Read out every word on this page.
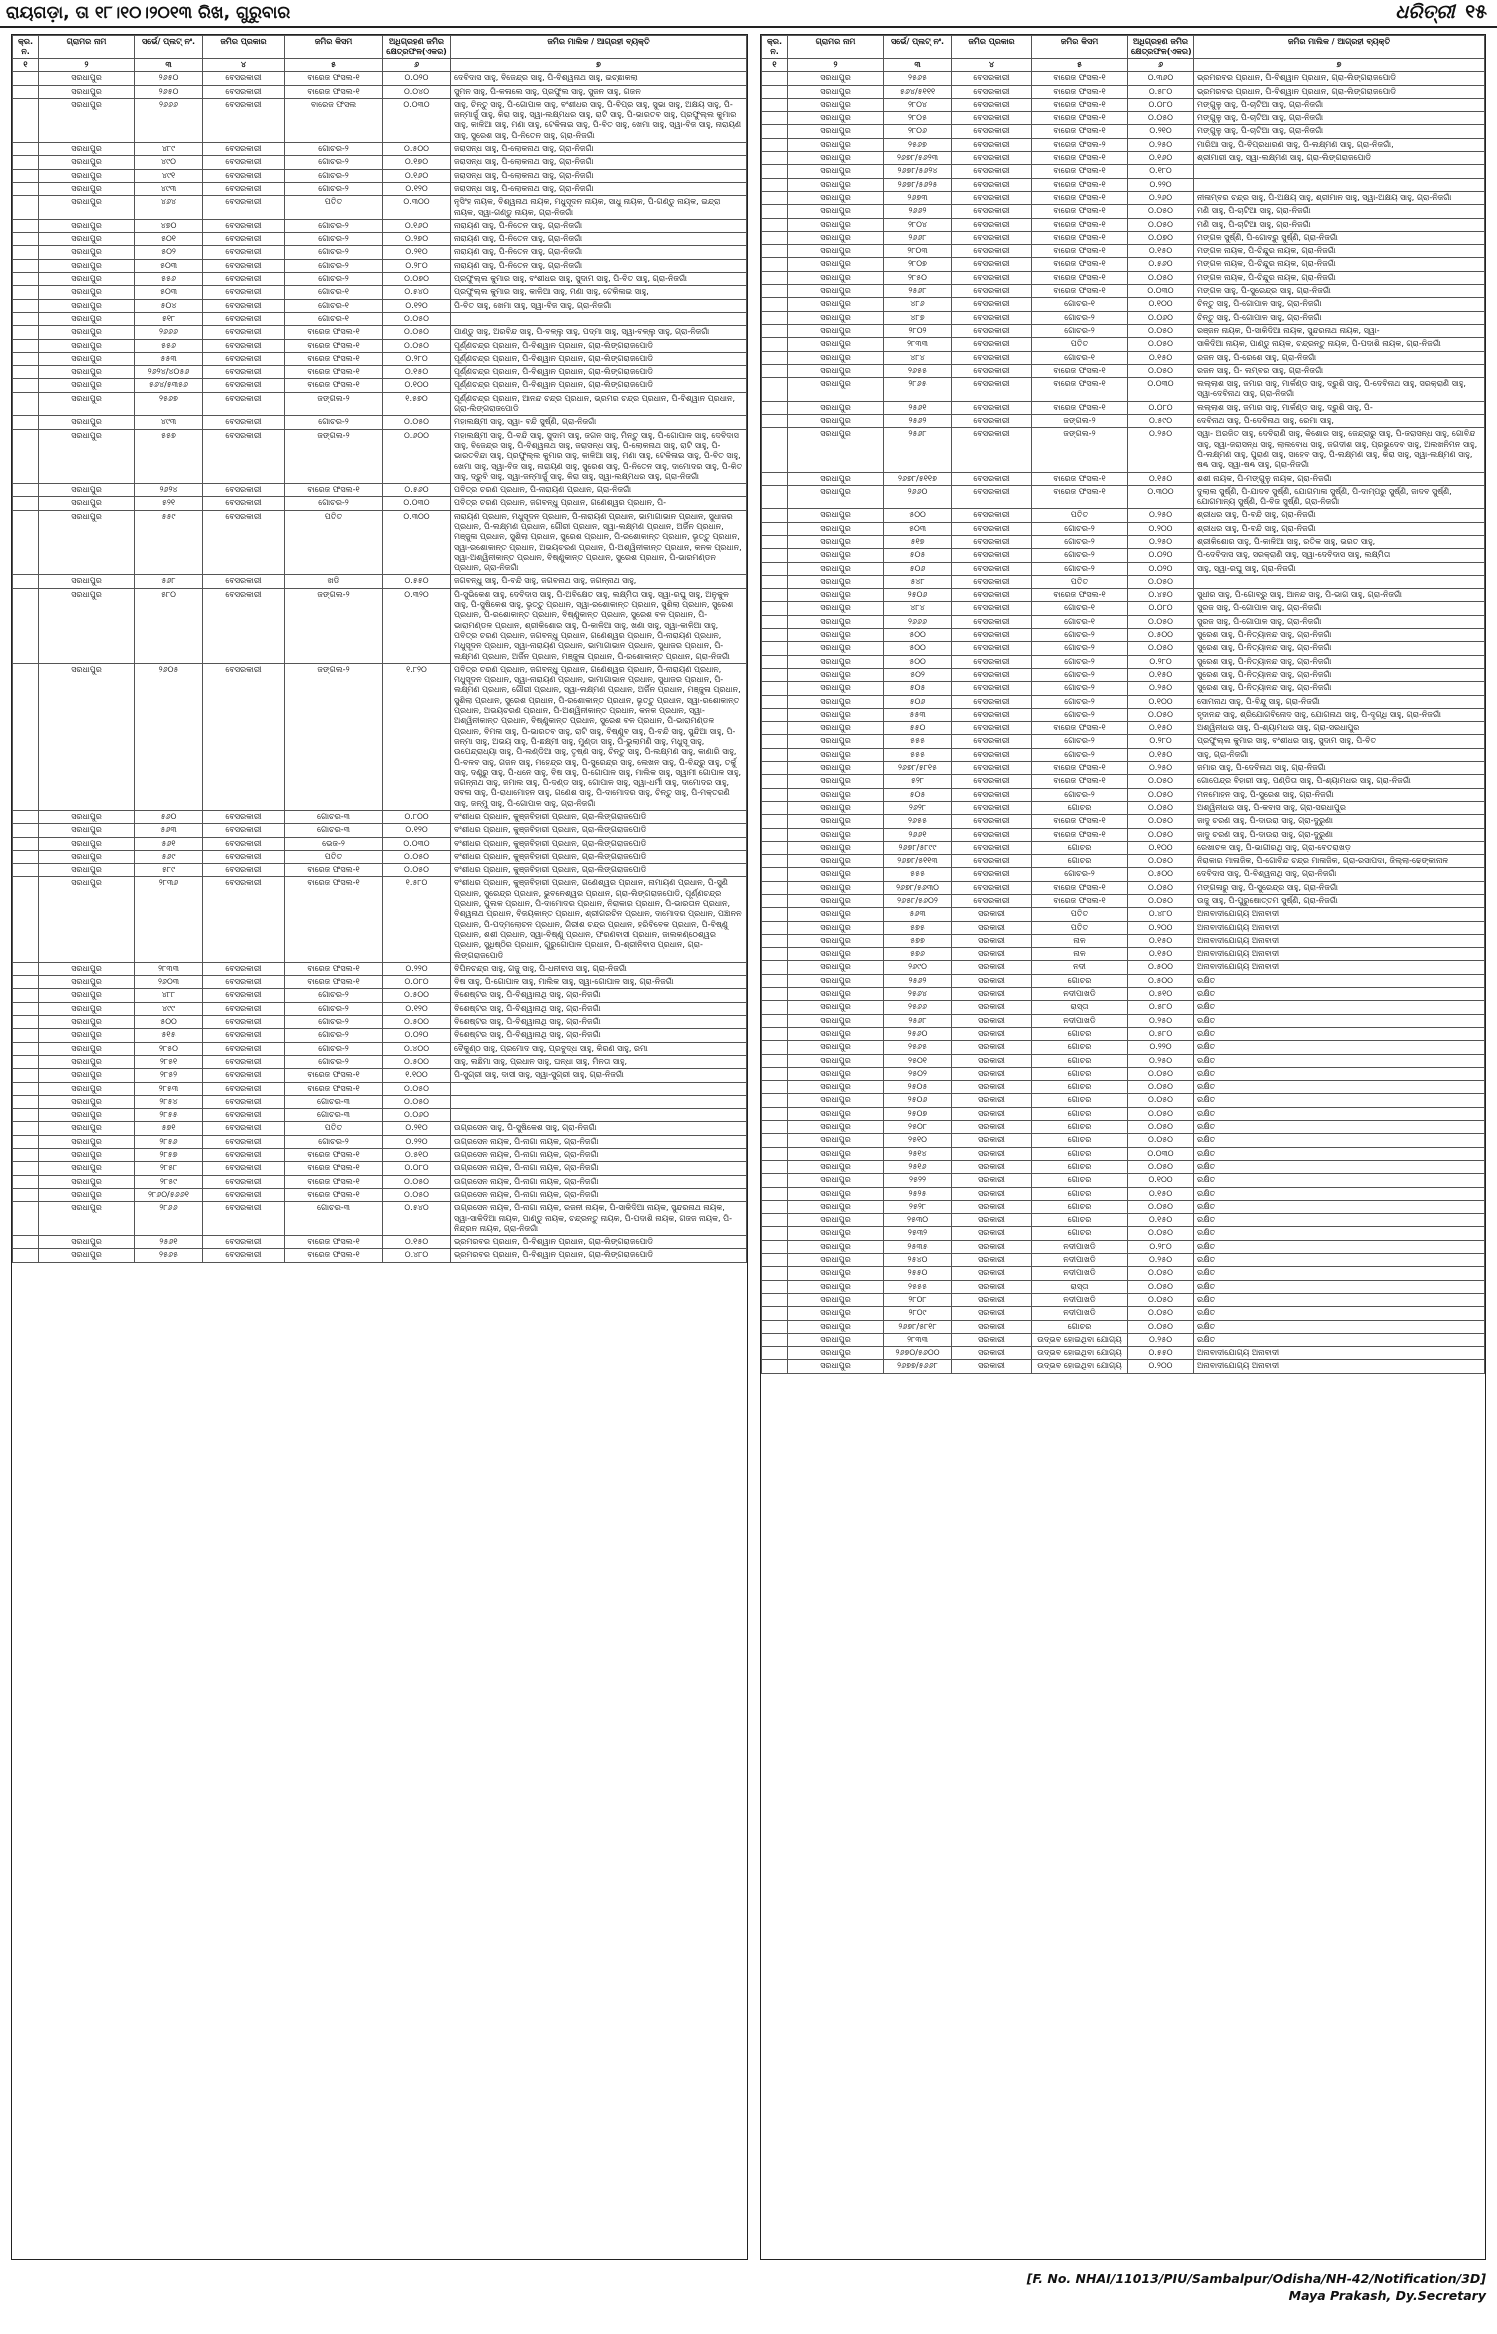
ରାୟଗଡ଼ା, ତା ୧୮।୧୦।୨୦୧୩ ରିଖ, ଗୁରୁବାର	ଧରିତ୍ରୀ ୧୫
କ୍ର. ନ.	ଗ୍ରାମର ନାମ	ସର୍ଭେ/ ପ୍ଲଟ୍ ନଂ.	ଜମିର ପ୍ରକାର	ଜମିର କିସମ	ଅଧିଗ୍ରହଣ ଜମିର କ୍ଷେତ୍ରଫଳ(ଏକର)	ଜମିର ମାଲିକ / ଆଗ୍ରହୀ ବ୍ୟକ୍ତି
୧	୨	୩	୪	୫	୬	୭
	ସରଧାପୁର	୨୬୫୦	ବେସରକାରୀ	ବାରେଜ ଫସଲ-୧	୦.୦୨୦	ଦେବିଦାସ ସାହୁ, ବିଜେନ୍ଦ୍ର ସାହୁ, ପି-ବିଶ୍ୱନାଥ ସାହୁ, ଇଚ୍ଛାକଲା
	ସରଧାପୁର	୨୬୫୦	ବେସରକାରୀ	ବାରେଜ ଫସଲ-୧	୦.୦୪୦	ସୁମନ ସାହୁ, ପି-କଳାଲେ ସାହୁ, ପ୍ରଫୁଲ ସାହୁ, ସୁଜନ ସାହୁ, ଗଜନ
	ସରଧାପୁର	୨୬୬୬	ବେସରକାରୀ	ବାରେଜ ଫସଲ	୦.୦୩୦	ସାହୁ, ଚିନ୍ତୁ ସାହୁ, ପି-ଗୋପାଳ ସାହୁ, ବଂଶୀଧର ସାହୁ, ପି-ବିପ୍ର ସାହୁ, ସୁଭା ସାହୁ, ଅକ୍ଷୟ ସାହୁ, ପି-ଜନ୍ମାର୍ଜୁ ସାହୁ, କିରା ସାହୁ, ସ୍ୱା-ଲକ୍ଷ୍ମଧର ସାହୁ, ରାଟି ସାହୁ, ପି-ଭାରତବ ସାହୁ, ପ୍ରଫୁଲ୍ଲ କୁମାର ସାହୁ, କାଳିଆ ସାହୁ, ମଣା ସାହୁ, ଟେକିଳାଇ ସାହୁ, ପି-ବିତ ସାହୁ, ଖେମା ସାହୁ, ସ୍ୱା-ବିଜ ସାହୁ, ନାରାୟଣ ସାହୁ, ସୁରେଶ ସାହୁ, ପି-ନିତେନ ସାହୁ, ଗ୍ରା-ନିଜଗାଁ
	ସରଧାପୁର	୪୮୯	ବେସରକାରୀ	ଗୋଚର-୨	୦.୫୦୦	ଜରାସନ୍ଧ ସାହୁ, ପି-ଲୋକନାଥ ସାହୁ, ଗ୍ରା-ନିଜଗାଁ
	ସରଧାପୁର	୪୯୦	ବେସରକାରୀ	ଗୋଚର-୨	୦.୧୭୦	ଜରାସନ୍ଧ ସାହୁ, ପି-ଲୋକନାଥ ସାହୁ, ଗ୍ରା-ନିଜଗାଁ
	ସରଧାପୁର	୪୯୧	ବେସରକାରୀ	ଗୋଚର-୨	୦.୧୬୦	ଜରାସନ୍ଧ ସାହୁ, ପି-ଲୋକନାଥ ସାହୁ, ଗ୍ରା-ନିଜଗାଁ
	ସରଧାପୁର	୪୯୩	ବେସରକାରୀ	ଗୋଚର-୨	୦.୧୨୦	ଜରାସନ୍ଧ ସାହୁ, ପି-ଲୋକନାଥ ସାହୁ, ଗ୍ରା-ନିଜଗାଁ
	ସରଧାପୁର	୪୬୪	ବେସରକାରୀ	ପତିତ	୦.୩୦୦	ନୃସିଂହ ନାୟକ, ବିଶ୍ୱନାଥ ନାୟକ, ମଧୁସୂଦନ ନାୟକ, ସାଧୁ ନାୟକ, ପି-ଗଣ୍ଡୁ ନାୟକ, ଇନ୍ଦ୍ରା ନାୟକ, ସ୍ୱା-ଗଣ୍ଡୁ ନାୟକ, ଗ୍ରା-ନିଜଗାଁ
	ସରଧାପୁର	୪୭୦	ବେସରକାରୀ	ଗୋଚର-୨	୦.୧୬୦	ନାରାୟଣ ସାହୁ, ପି-ନିତେନ ସାହୁ, ଗ୍ରା-ନିଜଗାଁ
	ସରଧାପୁର	୫୦୧	ବେସରକାରୀ	ଗୋଚର-୨	୦.୨୭୦	ନାରାୟଣ ସାହୁ, ପି-ନିତେନ ସାହୁ, ଗ୍ରା-ନିଜଗାଁ
	ସରଧାପୁର	୫୦୨	ବେସରକାରୀ	ଗୋଚର-୨	୦.୨୧୦	ନାରାୟଣ ସାହୁ, ପି-ନିତେନ ସାହୁ, ଗ୍ରା-ନିଜଗାଁ
	ସରଧାପୁର	୫୦୩	ବେସରକାରୀ	ଗୋଚର-୨	୦.୨୮୦	ନାରାୟଣ ସାହୁ, ପି-ନିତେନ ସାହୁ, ଗ୍ରା-ନିଜଗାଁ
	ସରଧାପୁର	୫୫୬	ବେସରକାରୀ	ଗୋଚର-୨	୦.୦୭୦	ପ୍ରଫୁଲ୍ଲ କୁମାର ସାହୁ, ବଂଶୀଧର ସାହୁ, ସୁଦାମ ସାହୁ, ପି-ବିତ ସାହୁ, ଗ୍ରା-ନିଜଗାଁ
	ସରଧାପୁର	୫୦୩	ବେସରକାରୀ	ଗୋଚର-୧	୦.୫୪୦	ପ୍ରଫୁଲ୍ଲ କୁମାର ସାହୁ, କାଳିଆ ସାହୁ, ମଣା ସାହୁ, ଟେକିଳାଇ ସାହୁ,
	ସରଧାପୁର	୫୦୪	ବେସରକାରୀ	ଗୋଚର-୧	୦.୧୨୦	ପି-ବିତ ସାହୁ, ଖେମା ସାହୁ, ସ୍ୱା-ବିଜ ସାହୁ, ଗ୍ରା-ନିଜଗାଁ
	ସରଧାପୁର	୫୧୮	ବେସରକାରୀ	ଗୋଚର-୧	୦.୦୫୦	
	ସରଧାପୁର	୨୬୬୬	ବେସରକାରୀ	ବାରେଜ ଫସଲ-୧	୦.୦୫୦	ପାଣ୍ଡୁ ସାହୁ, ଅରବିନ୍ଦ ସାହୁ, ପି-ବଳ୍ଲୁ ସାହୁ, ପଦ୍ମା ସାହୁ, ସ୍ୱା-ବଳ୍ଲୁ ସାହୁ, ଗ୍ରା-ନିଜଗାଁ
	ସରଧାପୁର	୫୫୬	ବେସରକାରୀ	ବାରେଜ ଫସଲ-୧	୦.୦୫୦	ପୂର୍ଣ୍ଣଚନ୍ଦ୍ର ପ୍ରଧାନ, ପି-ବିଶ୍ୱାନ ପ୍ରଧାନ, ଗ୍ରା-ଲିଙ୍ଗରାଜପୋଡି
	ସରଧାପୁର	୫୫୩	ବେସରକାରୀ	ବାରେଜ ଫସଲ-୧	୦.୨୮୦	ପୂର୍ଣ୍ଣଚନ୍ଦ୍ର ପ୍ରଧାନ, ପି-ବିଶ୍ୱାନ ପ୍ରଧାନ, ଗ୍ରା-ଲିଙ୍ଗରାଜପୋଡି
	ସରଧାପୁର	୨୬୨୪/୪୦୫୬	ବେସରକାରୀ	ବାରେଜ ଫସଲ-୧	୦.୧୫୦	ପୂର୍ଣ୍ଣଚନ୍ଦ୍ର ପ୍ରଧାନ, ପି-ବିଶ୍ୱାନ ପ୍ରଧାନ, ଗ୍ରା-ଲିଙ୍ଗରାଜପୋଡି
	ସରଧାପୁର	୫୬୪/୫୩୫୬	ବେସରକାରୀ	ବାରେଜ ଫସଲ-୧	୦.୧୦୦	ପୂର୍ଣ୍ଣଚନ୍ଦ୍ର ପ୍ରଧାନ, ପି-ବିଶ୍ୱାନ ପ୍ରଧାନ, ଗ୍ରା-ଲିଙ୍ଗରାଜପୋଡି
	ସରଧାପୁର	୨୫୬୭	ବେସରକାରୀ	ଜଙ୍ଗଲ-୨	୧.୫୭୦	ପୂର୍ଣ୍ଣଚନ୍ଦ୍ର ପ୍ରଧାନ, ଆନନ୍ଦ ଚନ୍ଦ୍ର ପ୍ରଧାନ, ଭ୍ରମର ଚନ୍ଦ୍ର ପ୍ରଧାନ, ପି-ବିଶ୍ୱାନ ପ୍ରଧାନ, ଗ୍ରା-ଲିଙ୍ଗରାଜପୋଡି
	ସରଧାପୁର	୪୯୩	ବେସରକାରୀ	ଗୋଚର-୨	୦.୦୫୦	ମହାଲକ୍ଷ୍ମୀ ସାହୁ, ସ୍ୱା- ବନ୍ଦି ସୁର୍ଷ୍ଣି, ଗ୍ରା-ନିଜଗାଁ
	ସରଧାପୁର	୫୫୭	ବେସରକାରୀ	ଜଙ୍ଗଲ-୨	୦.୬୦୦	ମହାଲକ୍ଷ୍ମୀ ସାହୁ, ପି-ବନ୍ଦି ସାହୁ, ସୁଦାମ ସାହୁ, ଜଗନ ସାହୁ, ମିନ୍ତୁ ସାହୁ, ପି-ଗୋପାଳ ସାହୁ, ଦେବିଦାସ ସାହୁ, ବିଜେନ୍ଦ୍ର ସାହୁ, ପି-ବିଶ୍ୱନାଥ ସାହୁ, ଜରାସନ୍ଧ ସାହୁ, ପି-ଲୋକନାଥ ସାହୁ, ରାଟି ସାହୁ, ପି-ଭାରତବିନ୍ଦା ସାହୁ, ପ୍ରଫୁଲ୍ଲ କୁମାର ସାହୁ, କାଳିଆ ସାହୁ, ମଣା ସାହୁ, ଟେକିଳାଇ ସାହୁ, ପି-ବିତ ସାହୁ, ଖେମା ସାହୁ, ସ୍ୱା-ବିଜ ସାହୁ, ନାରାୟଣ ସାହୁ, ସୁରେଶ ସାହୁ, ପି-ନିତେନ ସାହୁ, ଦାମୋଦର ସାହୁ, ପି-କିତ ସାହୁ, ଦ୍ରୁବି ସାହୁ, ସ୍ୱା-ଜନ୍ମାର୍ଜୁ ସାହୁ, କିରା ସାହୁ, ସ୍ୱା-ଲକ୍ଷ୍ମଧର ସାହୁ, ଗ୍ରା-ନିଜଗାଁ
	ସରଧାପୁର	୨୬୨୪	ବେସରକାରୀ	ବାରେଜ ଫସଲ-୧	୦.୫୬୦	ପବିତ୍ର ଚରଣ ପ୍ରଧାନ, ପି-ନାରାୟଣ ପ୍ରଧାନ, ଗ୍ରା-ନିଜଗାଁ
	ସରଧାପୁର	୫୨୧	ବେସରକାରୀ	ଗୋଚର-୨	୦.୦୩୦	ପବିତ୍ର ଚରଣ ପ୍ରଧାନ, ଜଗବନ୍ଧୁ ପ୍ରଧାନ, ଗଣେଶ୍ୱର ପ୍ରଧାନ, ପି-
	ସରଧାପୁର	୫୫୯	ବେସରକାରୀ	ପତିତ	୦.୩୦୦	ନାରାୟଣ ପ୍ରଧାନ, ମଧୁସୂଦନ ପ୍ରଧାନ, ପି-ନାରାୟଣ ପ୍ରଧାନ, ଭାମାଗାଭାନ ପ୍ରଧାନ, ସୁଧାଜର ପ୍ରଧାନ, ପି-ଲକ୍ଷ୍ମଣ ପ୍ରଧାନ, ଗୌରୀ ପ୍ରଧାନ, ସ୍ୱା-ଲକ୍ଷ୍ମଣ ପ୍ରଧାନ, ଅର୍ଜିନ ପ୍ରଧାନ, ମଞ୍ଜୁଳା ପ୍ରଧାନ, ସୁଶିଲା ପ୍ରଧାନ, ସୁରେଶ ପ୍ରଧାନ, ପି-ରଶୋକାନ୍ତ ପ୍ରଧାନ, ଭୃତ୍ତୁ ପ୍ରଧାନ, ସ୍ୱା-ରଶୋକାନ୍ତ ପ୍ରଧାନ, ଅଭୟଚରଣ ପ୍ରଧାନ, ପି-ଅଶ୍ୱିନୀକାନ୍ତ ପ୍ରଧାନ, କନକ ପ୍ରଧାନ, ସ୍ୱା-ଅଶ୍ୱିନୀକାନ୍ତ ପ୍ରଧାନ, ବିଷ୍ଣୁକାନ୍ତ ପ୍ରଧାନ, ସୁରେଶ ପ୍ରଧାନ, ପି-ଭାରମଣ୍ଡନ ପ୍ରଧାନ, ଗ୍ରା-ନିଜଗାଁ
	ସରଧାପୁର	୫୬୮	ବେସରକାରୀ	ଖଡି	୦.୫୫୦	ଜଗବନ୍ଧୁ ସାହୁ, ପି-ବନ୍ଦି ସାହୁ, ଜଗବନାଥ ସାହୁ, ଜଗନ୍ନାଥ ସାହୁ,
	ସରଧାପୁର	୫୮୦	ବେସରକାରୀ	ଜଙ୍ଗଲ-୨	୦.୩୨୦	ପି-ସୁଭିକେଶ ସାହୁ, ଦେବିଦାସ ସାହୁ, ପି-ଅବିକ୍ଷେତ ସାହୁ, ଲକ୍ଷ୍ମିତା ସାହୁ, ସ୍ୱା-ରଘୁ ସାହୁ, ଅନୁକୁଳ ସାହୁ, ପି-ସୁଷିକେଶ ସାହୁ, ଭୃତ୍ତୁ ପ୍ରଧାନ, ସ୍ୱା-ରଶୋକାନ୍ତ ପ୍ରଧାନ, ସୁଶିଲା ପ୍ରଧାନ, ସୁରେଶ ପ୍ରଧାନ, ପି-ରଶୋକାନ୍ତ ପ୍ରଧାନ, ବିଷ୍ଣୁକାନ୍ତ ପ୍ରଧାନ, ସୁରେଶ ବଳ ପ୍ରଧାନ, ପି-ଭାରାମଣ୍ଡଳ ପ୍ରଧାନ, ଶ୍ରୀକିଶୋର ସାହୁ, ପି-କାଳିଆ ସାହୁ, ଖଣା ସାହୁ, ସ୍ୱା-କାଳିଆ ସାହୁ, ପବିତ୍ର ଚରଣ ପ୍ରଧାନ, ଜଗବନ୍ଧୁ ପ୍ରଧାନ, ଗଣେଶ୍ୱର ପ୍ରଧାନ, ପି-ନାରାୟଣ ପ୍ରଧାନ, ମଧୁସୂଦନ ପ୍ରଧାନ, ସ୍ୱା-ନାରାୟଣ ପ୍ରଧାନ, ଭାମାଗାଭାନ ପ୍ରଧାନ, ସୁଧାଜର ପ୍ରଧାନ, ପି-ଲକ୍ଷ୍ମଣ ପ୍ରଧାନ, ଅର୍ଜିନ ପ୍ରଧାନ, ମଞ୍ଜୁଳା ପ୍ରଧାନ, ପି-ରଶୋକାନ୍ତ ପ୍ରଧାନ, ଗ୍ରା-ନିଜଗାଁ
	ସରଧାପୁର	୨୬୦୫	ବେସରକାରୀ	ଜଙ୍ଗଲ-୨	୧.୮୨୦	ପବିତ୍ର ଚରଣ ପ୍ରଧାନ, ଜଗବନ୍ଧୁ ପ୍ରଧାନ, ଗଣେଶ୍ୱର ପ୍ରଧାନ, ପି-ନାରାୟଣ ପ୍ରଧାନ, ମଧୁସୂଦନ ପ୍ରଧାନ, ସ୍ୱା-ନାରାୟଣ ପ୍ରଧାନ, ଭାମାଗାଭାନ ପ୍ରଧାନ, ସୁଧାଜର ପ୍ରଧାନ, ପି-ଲକ୍ଷ୍ମଣ ପ୍ରଧାନ, ଗୌରୀ ପ୍ରଧାନ, ସ୍ୱା-ଲକ୍ଷ୍ମଣ ପ୍ରଧାନ, ଅର୍ଜିନ ପ୍ରଧାନ, ମଞ୍ଜୁଳା ପ୍ରଧାନ, ସୁଶିଲା ପ୍ରଧାନ, ସୁରେଶ ପ୍ରଧାନ, ପି-ରଶୋକାନ୍ତ ପ୍ରଧାନ, ଭୃତ୍ତୁ ପ୍ରଧାନ, ସ୍ୱା-ରଶୋକାନ୍ତ ପ୍ରଧାନ, ଅଭୟଚରଣ ପ୍ରଧାନ, ପି-ଅଶ୍ୱିନୀକାନ୍ତ ପ୍ରଧାନ, କନକ ପ୍ରଧାନ, ସ୍ୱା-ଅଶ୍ୱିନୀକାନ୍ତ ପ୍ରଧାନ, ବିଷ୍ଣୁକାନ୍ତ ପ୍ରଧାନ, ସୁରେଶ ବଳ ପ୍ରଧାନ, ପି-ଭାରାମଣ୍ଡଳ ପ୍ରଧାନ, ବିମଳା ସାହୁ, ପି-ଭାରତବ ସାହୁ, ରାଟି ସାହୁ, ବିଷ୍ଣୁବ ସାହୁ, ପି-ବନ୍ଦି ସାହୁ, ସୁନ୍ଦିଆ ସାହୁ, ପି-ଜନ୍ମା ସାହୁ, ଅଭୟ ସାହୁ, ପି-ଛକ୍ଷ୍ମୀ ସାହୁ, ମୁଣ୍ଡା ସାହୁ, ପି-ଭୁଲାମଣି ସାହୁ, ମଧୁସୂ ସାହୁ, ଉପେନ୍ଦ୍ରାଧ୍ୟା ସାହୁ, ପି-ଲଣ୍ଡିଆ ସାହୁ, ତୃଷ୍ଣ ସାହୁ, ଚିନ୍ତୁ ସାହୁ, ପି-ଲକ୍ଷ୍ମଣ ସାହୁ, କାଣାରି ସାହୁ, ପି-ବଳବ ସାହୁ, ଗଜନ ସାହୁ, ମହେନ୍ଦ୍ର ସାହୁ, ପି-ସୁରେନ୍ଦ୍ର ସାହୁ, ଲେଖନ ସାହୁ, ପି-ବିନ୍ଦ୍ରୁ ସାହୁ, ତର୍କୁ ସାହୁ, ଦଣ୍ଡ୍ରୁ ସାହୁ, ପି-ଧନେ ସାହୁ, ବିଷ ସାହୁ, ପି-ଗୋପାଳ ସାହୁ, ମାଲିକ ସାହୁ, ସ୍ୱାମୀ ଗୋପାଳ ସାହୁ, ଜଗନ୍ନାଥ ସାହୁ, ଜମାଲ ସାହୁ, ପି-ଦଣ୍ଡ ସାହୁ, ଗୋପାଳ ସାହୁ, ସ୍ୱା-ଧର୍ମୀ ସାହୁ, ଦାମୋଦର ସାହୁ, ସବଳା ସାହୁ, ପି-ରାଧାମୋହନ ସାହୁ, ଗଣେଶ ସାହୁ, ପି-ଦାମୋଦର ସାହୁ, ଚିନ୍ତୁ ସାହୁ, ପି-ମକ୍ତରଣି ସାହୁ, ଜନ୍ମୁ ସାହୁ, ପି-ଗୋପାଳ ସାହୁ, ଗ୍ରା-ନିଜଗାଁ
	ସରଧାପୁର	୫୬୦	ବେସରକାରୀ	ଗୋଚର-୩	୦.୮୦୦	ବଂଶୀଧର ପ୍ରଧାନ, କୁଞ୍ଜବିହାରୀ ପ୍ରଧାନ, ଗ୍ରା-ଲିଙ୍ଗରାଜପୋଡି
	ସରଧାପୁର	୫୬୩	ବେସରକାରୀ	ଗୋଚର-୩	୦.୧୨୦	ବଂଶୀଧର ପ୍ରଧାନ, କୁଞ୍ଜବିହାରୀ ପ୍ରଧାନ, ଗ୍ରା-ଲିଙ୍ଗରାଜପୋଡି
	ସରଧାପୁର	୫୬୧	ବେସରକାରୀ	ଭେଜ-୨	୦.୦୩୦	ବଂଶୀଧର ପ୍ରଧାନ, କୁଞ୍ଜବିହାରୀ ପ୍ରଧାନ, ଗ୍ରା-ଲିଙ୍ଗରାଜପୋଡି
	ସରଧାପୁର	୫୬୯	ବେସରକାରୀ	ପତିତ	୦.୦୫୦	ବଂଶୀଧର ପ୍ରଧାନ, କୁଞ୍ଜବିହାରୀ ପ୍ରଧାନ, ଗ୍ରା-ଲିଙ୍ଗରାଜପୋଡି
	ସରଧାପୁର	୫୮୯	ବେସରକାରୀ	ବାରେଜ ଫସଲ-୧	୦.୦୫୦	ବଂଶୀଧର ପ୍ରଧାନ, କୁଞ୍ଜବିହାରୀ ପ୍ରଧାନ, ଗ୍ରା-ଲିଙ୍ଗରାଜପୋଡି
	ସରଧାପୁର	୨୮୩୬	ବେସରକାରୀ	ବାରେଜ ଫସଲ-୧	୧.୫୮୦	ବଂଶୀଧର ପ୍ରଧାନ, କୁଞ୍ଜବିହାରୀ ପ୍ରଧାନ, ଗଣେଶ୍ୱର ପ୍ରଧାନ, ନାମାୟଣ ପ୍ରଧାନ, ପି-ସୁଣି ପ୍ରଧାନ, ସୁରେନ୍ଦ୍ର ପ୍ରଧାନ, ଭୁବନେଶ୍ୱର ପ୍ରଧାନ, ଗ୍ରା-ଲିଙ୍ଗରାଜପୋଡି, ପୂର୍ଣ୍ଣଚନ୍ଦ୍ର ପ୍ରଧାନ, ପୁଲକ ପ୍ରଧାନ, ପି-ଦାମୋଦର ପ୍ରଧାନ, ନିରାକାର ପ୍ରଧାନ, ପି-ଭାରତାନ ପ୍ରଧାନ, ବିଶ୍ୱନାଥ ପ୍ରଧାନ, ବିଜୟକାନ୍ତ ପ୍ରଧାନ, ଶ୍ରୀଗରଚିନ ପ୍ରଧାନ, ଦାମୋଦର ପ୍ରଧାନ, ପଞ୍ଚାନନ ପ୍ରଧାନ, ପି-ପଦ୍ମଲୋଚନ ପ୍ରଧାନ, ଗିରୀଶ ଚନ୍ଦ୍ର ପ୍ରଧାନ, ହରିବିବେକ ପ୍ରଧାନ, ପି-ବିଷ୍ଣୁ ପ୍ରଧାନ, ଶଶୀ ପ୍ରଧାନ, ସ୍ୱା-ବିଷ୍ଣୁ ପ୍ରଧାନ, ଫରଣବାସୀ ପ୍ରଧାନ, ଜାଲକଣ୍ଠେଶ୍ୱର ପ୍ରଧାନ, ସୁଧିଷ୍ଠିର ପ୍ରଧାନ, ଗୁରୁଗୋପାଳ ପ୍ରଧାନ, ପି-ଶ୍ରୀନିବାସ ପ୍ରଧାନ, ଗ୍ରା-ଲିଙ୍ଗରାଜପୋଡି
	ସରଧାପୁର	୨୮୩୩	ବେସରକାରୀ	ବାରେଜ ଫସଲ-୧	୦.୨୨୦	ବିପିନଚନ୍ଦ୍ର ସାହୁ, ଗଜୁ ସାହୁ, ପି-ଧନୀବାସ ସାହୁ, ଗ୍ରା-ନିଜଗାଁ
	ସରଧାପୁର	୨୬୦୩	ବେସରକାରୀ	ବାରେଜ ଫସଲ-୧	୦.୦୮୦	ବିଷ ସାହୁ, ପି-ଗୋପାଳ ସାହୁ, ମାଲିକ ସାହୁ, ସ୍ୱା-ଗୋପାଳ ସାହୁ, ଗ୍ରା-ନିଜଗାଁ
	ସରଧାପୁର	୪୮୮	ବେସରକାରୀ	ଗୋଚର-୨	୦.୫୦୦	ବିଶେଷ୍ଟର ସାହୁ, ପି-ବିଶ୍ୱାନାଥି ସାହୁ, ଗ୍ରା-ନିଜଗାଁ
	ସରଧାପୁର	୪୯୯	ବେସରକାରୀ	ଗୋଚର-୨	୦.୧୨୦	ବିଶେଷ୍ଟର ସାହୁ, ପି-ବିଶ୍ୱାନାଥି ସାହୁ, ଗ୍ରା-ନିଜଗାଁ
	ସରଧାପୁର	୫୦୦	ବେସରକାରୀ	ଗୋଚର-୨	୦.୫୦୦	ବିଶେଷ୍ଟର ସାହୁ, ପି-ବିଶ୍ୱାନାଥି ସାହୁ, ଗ୍ରା-ନିଜଗାଁ
	ସରଧାପୁର	୫୧୫	ବେସରକାରୀ	ଗୋଚର-୨	୦.୦୨୦	ବିଶେଷ୍ଟର ସାହୁ, ପି-ବିଶ୍ୱାନାଥି ସାହୁ, ଗ୍ରା-ନିଜଗାଁ
	ସରଧାପୁର	୨୮୫୦	ବେସରକାରୀ	ଗୋଚର-୨	୦.୪୦୦	ବୈକୁଣ୍ଠ ସାହୁ, ପ୍ରମୋଦ ସାହୁ, ପ୍ରବୁଦ୍ଧ ସାହୁ, କିରଣ ସାହୁ, ରମା
	ସରଧାପୁର	୨୮୫୧	ବେସରକାରୀ	ଗୋଚର-୨	୦.୫୦୦	ସାହୁ, ଲଛିମା ସାହୁ, ପ୍ରଧାନ ସାହୁ, ଘନ୍ଧା ସାହୁ, ମିନତା ସାହୁ,
	ସରଧାପୁର	୨୮୫୨	ବେସରକାରୀ	ବାରେଜ ଫସଲ-୧	୧.୧୦୦	ପି-ସୁଗ୍ରୀ ସାହୁ, ଦାସୀ ସାହୁ, ସ୍ୱା-ସୁଗ୍ରୀ ସାହୁ, ଗ୍ରା-ନିଜଗାଁ
	ସରଧାପୁର	୨୮୫୩	ବେସରକାରୀ	ବାରେଜ ଫସଲ-୧	୦.୦୫୦	
	ସରଧାପୁର	୨୮୫୪	ବେସରକାରୀ	ଗୋଚର-୩	୦.୦୫୦	
	ସରଧାପୁର	୨୮୫୫	ବେସରକାରୀ	ଗୋଚର-୩	୦.୦୬୦	
	ସରଧାପୁର	୫୭୧	ବେସରକାରୀ	ପତିତ	୦.୨୧୦	ଉଗ୍ରସେନ ସାହୁ, ପି-ସୁଷିକେଶ ସାହୁ, ଗ୍ରା-ନିଜଗାଁ
	ସରଧାପୁର	୨୮୫୬	ବେସରକାରୀ	ଗୋଚର-୨	୦.୨୨୦	ଉଗ୍ରସେନ ନାୟକ, ପି-ନାଗା ନାୟକ, ଗ୍ରା-ନିଜଗାଁ
	ସରଧାପୁର	୨୮୫୭	ବେସରକାରୀ	ବାରେଜ ଫସଲ-୧	୦.୫୧୦	ଉଗ୍ରସେନ ନାୟକ, ପି-ନାଗା ନାୟକ, ଗ୍ରା-ନିଜଗାଁ
	ସରଧାପୁର	୨୮୫୮	ବେସରକାରୀ	ବାରେଜ ଫସଲ-୧	୦.୦୮୦	ଉଗ୍ରସେନ ନାୟକ, ପି-ନାଗା ନାୟକ, ଗ୍ରା-ନିଜଗାଁ
	ସରଧାପୁର	୨୮୫୯	ବେସରକାରୀ	ବାରେଜ ଫସଲ-୧	୦.୦୫୦	ଉଗ୍ରସେନ ନାୟକ, ପି-ନାଗା ନାୟକ, ଗ୍ରା-ନିଜଗାଁ
	ସରଧାପୁର	୨୮୬୦/୫୬୬୧	ବେସରକାରୀ	ବାରେଜ ଫସଲ-୧	୦.୦୫୦	ଉଗ୍ରସେନ ନାୟକ, ପି-ନାଗା ନାୟକ, ଗ୍ରା-ନିଜଗାଁ
	ସରଧାପୁର	୨୮୬୬	ବେସରକାରୀ	ଗୋଚର-୩	୦.୫୪୦	ଉଗ୍ରସେନ ନାୟକ, ପି-ନାଗା ନାୟକ, ରଜନୀ ନାୟକ, ପି-ସାକିଦିଆ ନାୟକ, ସୁନ୍ଦରନାଥ ନାୟକ, ସ୍ୱା-ସାକିଦିଆ ନାୟକ, ପାଣ୍ଡୁ ନାୟକ, ଚନ୍ଦ୍ରନ୍ତୁ ନାୟକ, ପି-ପଦାଶି ନାୟକ, ଗଜଜ ନାୟକ, ପି-ନିନ୍ଦ୍ରନ ନାୟକ, ଗ୍ରା-ନିଜଗାଁ
	ସରଧାପୁର	୨୫୬୧	ବେସରକାରୀ	ବାରେଜ ଫସଲ-୧	୦.୧୫୦	ଭ୍ରମରବର ପ୍ରଧାନ, ପି-ବିଶ୍ୱାନ ପ୍ରଧାନ, ଗ୍ରା-ଲିଙ୍ଗରାଜପୋଡି
	ସରଧାପୁର	୨୫୬୫	ବେସରକାରୀ	ବାରେଜ ଫସଲ-୧	୦.୪୮୦	ଭ୍ରମରବର ପ୍ରଧାନ, ପି-ବିଶ୍ୱାନ ପ୍ରଧାନ, ଗ୍ରା-ଲିଙ୍ଗରାଜପୋଡି
କ୍ର. ନ.	ଗ୍ରାମର ନାମ	ସର୍ଭେ/ ପ୍ଲଟ୍ ନଂ.	ଜମିର ପ୍ରକାର	ଜମିର କିସମ	ଅଧିଗ୍ରହଣ ଜମିର କ୍ଷେତ୍ରଫଳ(ଏକର)	ଜମିର ମାଲିକ / ଆଗ୍ରହୀ ବ୍ୟକ୍ତି
୧	୨	୩	୪	୫	୬	୭
	ସରଧାପୁର	୨୫୬୫	ବେସରକାରୀ	ବାରେଜ ଫସଲ-୧	୦.୩୬୦	ଭ୍ରମରବର ପ୍ରଧାନ, ପି-ବିଶ୍ୱାନ ପ୍ରଧାନ, ଗ୍ରା-ଲିଙ୍ଗରାଜପୋଡି
	ସରଧାପୁର	୫୬୪/୫୧୧୧	ବେସରକାରୀ	ବାରେଜ ଫସଲ-୧	୦.୫୮୦	ଭ୍ରମରବର ପ୍ରଧାନ, ପି-ବିଶ୍ୱାନ ପ୍ରଧାନ, ଗ୍ରା-ଲିଙ୍ଗରାଜପୋଡି
	ସରଧାପୁର	୨୮୦୪	ବେସରକାରୀ	ବାରେଜ ଫସଲ-୧	୦.୦୮୦	ମଙ୍ଗୁଳୁ ସାହୁ, ପି-ଚାଟିଆ ସାହୁ, ଗ୍ରା-ନିଜଗାଁ
	ସରଧାପୁର	୨୮୦୫	ବେସରକାରୀ	ବାରେଜ ଫସଲ-୧	୦.୦୫୦	ମଙ୍ଗୁଳୁ ସାହୁ, ପି-ଚାଟିଆ ସାହୁ, ଗ୍ରା-ନିଜଗାଁ
	ସରଧାପୁର	୨୮୦୬	ବେସରକାରୀ	ବାରେଜ ଫସଲ-୧	୦.୨୧୦	ମଙ୍ଗୁଳୁ ସାହୁ, ପି-ଚାଟିଆ ସାହୁ, ଗ୍ରା-ନିଜଗାଁ
	ସରଧାପୁର	୨୫୬୭	ବେସରକାରୀ	ବାରେଜ ଫସଲ-୨	୦.୨୫୦	ମାରିଆ ସାହୁ, ପି-ବିପ୍ରଧାରଣ ସାହୁ, ପି-ଲକ୍ଷ୍ମଣ ସାହୁ, ଗ୍ରା-ନିଜଗାଁ,
	ସରଧାପୁର	୨୬୭୮/୫୬୨୩	ବେସରକାରୀ	ବାରେଜ ଫସଲ-୧	୦.୧୬୦	ଶ୍ରୀମାରୀ ସାହୁ, ସ୍ୱା-ଲକ୍ଷ୍ମଣ ସାହୁ, ଗ୍ରା-ଲିଙ୍ଗରାଜପୋଡି
	ସରଧାପୁର	୨୬୭୮/୫୬୨୪	ବେସରକାରୀ	ବାରେଜ ଫସଲ-୧	୦.୧୮୦	
	ସରଧାପୁର	୨୬୭୮/୫୬୨୫	ବେସରକାରୀ	ବାରେଜ ଫସଲ-୧	୦.୨୨୦	
	ସରଧାପୁର	୨୬୭୩	ବେସରକାରୀ	ବାରେଜ ଫସଲ-୧	୦.୨୬୦	ନୀଳାମ୍ବର ଚନ୍ଦ୍ର ସାହୁ, ପି-ଅକ୍ଷୟ ସାହୁ, ଶ୍ରୀମାନ ସାହୁ, ସ୍ୱା-ଅକ୍ଷୟ ସାହୁ, ଗ୍ରା-ନିଜଗାଁ
	ସରଧାପୁର	୨୬୬୨	ବେସରକାରୀ	ବାରେଜ ଫସଲ-୧	୦.୦୫୦	ମଣି ସାହୁ, ପି-ଚାଟିଆ ସାହୁ, ଗ୍ରା-ନିଜଗାଁ
	ସରଧାପୁର	୨୮୦୪	ବେସରକାରୀ	ବାରେଜ ଫସଲ-୧	୦.୦୫୦	ମଣି ସାହୁ, ପି-ଚାଟିଆ ସାହୁ, ଗ୍ରା-ନିଜଗାଁ
	ସରଧାପୁର	୨୬୬୮	ବେସରକାରୀ	ବାରେଜ ଫସଲ-୧	୦.୦୭୦	ମଙ୍ଗଳ ସୁର୍ଷ୍ଣି, ପି-ଗୋବ୍ରୁ ସୁର୍ଷ୍ଣି, ଗ୍ରା-ନିଜଗାଁ
	ସରଧାପୁର	୨୮୦୩	ବେସରକାରୀ	ବାରେଜ ଫସଲ-୧	୦.୧୫୦	ମଙ୍ଗଳ ନାୟକ, ପି-ଚିନ୍ଦୁର ନାୟକ, ଗ୍ରା-ନିଜଗାଁ
	ସରଧାପୁର	୨୮୦୭	ବେସରକାରୀ	ବାରେଜ ଫସଲ-୧	୦.୫୬୦	ମଙ୍ଗଳ ନାୟକ, ପି-ଚିନ୍ଦୁର ନାୟକ, ଗ୍ରା-ନିଜଗାଁ
	ସରଧାପୁର	୨୮୫୦	ବେସରକାରୀ	ବାରେଜ ଫସଲ-୧	୦.୦୫୦	ମଙ୍ଗଳ ନାୟକ, ପି-ଚିନ୍ଦୁର ନାୟକ, ଗ୍ରା-ନିଜଗାଁ
	ସରଧାପୁର	୨୫୬୮	ବେସରକାରୀ	ବାରେଜ ଫସଲ-୧	୦.୦୩୦	ମଙ୍ଗଳ ସାହୁ, ପି-ସୁରେନ୍ଦ୍ର ସାହୁ, ଗ୍ରା-ନିଜଗାଁ
	ସରଧାପୁର	୪୮୬	ବେସରକାରୀ	ଗୋଚର-୧	୦.୧୦୦	ଚିନ୍ତୁ ସାହୁ, ପି-ଗୋପାଳ ସାହୁ, ଗ୍ରା-ନିଜଗାଁ
	ସରଧାପୁର	୪୮୭	ବେସରକାରୀ	ଗୋଚର-୨	୦.୦୬୦	ଚିନ୍ତୁ ସାହୁ, ପି-ଗୋପାଳ ସାହୁ, ଗ୍ରା-ନିଜଗାଁ
	ସରଧାପୁର	୨୮୦୨	ବେସରକାରୀ	ଗୋଚର-୨	୦.୦୫୦	ରଞ୍ଜନ ନାୟକ, ପି-ସାକିଦିଆ ନାୟକ, ସୁନ୍ଦରନାଥ ନାୟକ, ସ୍ୱା-
	ସରଧାପୁର	୨୮୩୩	ବେସରକାରୀ	ପତିତ	୦.୦୫୦	ସାକିଦିଆ ନାୟକ, ପାଣ୍ଡୁ ନାୟକ, ଚନ୍ଦ୍ରନ୍ତୁ ନାୟକ, ପି-ପଦାଶି ନାୟକ, ଗ୍ରା-ନିଜଗାଁ
	ସରଧାପୁର	୪୮୪	ବେସରକାରୀ	ଗୋଚର-୧	୦.୧୫୦	ରଜନ ସାହୁ, ପି-ରେଶେ ସାହୁ, ଗ୍ରା-ନିଜଗାଁ
	ସରଧାପୁର	୨୬୫୫	ବେସରକାରୀ	ବାରେଜ ଫସଲ-୧	୦.୦୫୦	ରଜନ ସାହୁ, ପି- ଲମ୍ବର ସାହୁ, ଗ୍ରା-ନିଜଗାଁ
	ସରଧାପୁର	୨୮୬୫	ବେସରକାରୀ	ବାରେଜ ଫସଲ-୧	୦.୦୩୦	ଲଲ୍ଲାଶ ସାହୁ, ଜମାର ସାହୁ, ମାର୍କଣ୍ଡ ସାହୁ, ଦ୍ରୁଶି ସାହୁ, ପି-ଦେବିନାଥ ସାହୁ, ସରକ୍ରାଣି ସାହୁ, ସ୍ୱା-ଦେବିନାଥ ସାହୁ, ଗ୍ରା-ନିଜଗାଁ
	ସରଧାପୁର	୨୫୬୧	ବେସରକାରୀ	ବାରେଜ ଫସଲ-୧	୦.୦୮୦	ଲଲ୍ଲାଶ ସାହୁ, ଜମାର ସାହୁ, ମାର୍କଣ୍ଡ ସାହୁ, ଦ୍ରୁଶି ସାହୁ, ପି-
	ସରଧାପୁର	୨୫୬୨	ବେସରକାରୀ	ଜଙ୍ଗଲ-୨	୦.୫୯୦	ଦେବିନାଥ ସାହୁ, ପି-ଦେବିନାଥ ସାହୁ, ରେମା ସାହୁ,
	ସରଧାପୁର	୨୫୬୮	ବେସରକାରୀ	ଜଙ୍ଗଲ-୨	୦.୨୫୦	ସ୍ୱା- ଅରଜିତ ସାହୁ, ଦେବିରାଣି ସାହୁ, କିଶୋର ସାହୁ, ଜେନ୍ଦ୍ରାରୁ ସାହୁ, ପି-ଜରାସନ୍ଧ ସାହୁ, ଗୋବିନ୍ଦ ସାହୁ, ସ୍ୱା-ଜରାସନ୍ଧ ସାହୁ, ଲାଲବୋଧ ସାହୁ, ଜଗଦୀଶ ସାହୁ, ପ୍ରଭୁଦେବ ସାହୁ, ଅଲଖନିମନ ସାହୁ, ପି-ଲକ୍ଷ୍ମଣ ସାହୁ, ପୁରାଣ ସାହୁ, ସାହେବ ସାହୁ, ପି-ଲକ୍ଷ୍ମଣ ସାହୁ, କିରା ସାହୁ, ସ୍ୱା-ଲକ୍ଷ୍ମଣ ସାହୁ, ଷଣ୍ଢ ସାହୁ, ସ୍ୱା-ଷଣ୍ଢ ସାହୁ, ଗ୍ରା-ନିଜଗାଁ
	ସରଧାପୁର	୨୬୭୮/୫୧୧୭	ବେସରକାରୀ	ବାରେଜ ଫସଲ-୧	୦.୧୫୦	ଶଶୀ ନାୟକ, ପି-ମଙ୍ଗୁଳୁ ନାୟକ, ଗ୍ରା-ନିଜଗାଁ
	ସରଧାପୁର	୨୬୬୦	ବେସରକାରୀ	ବାରେଜ ଫସଲ-୧	୦.୩୦୦	ଦୁଲାଲ ସୁର୍ଷ୍ଣି, ପି-ଯାଦବ ସୁର୍ଷ୍ଣି, ଯୋଗମାଳା ସୁର୍ଷ୍ଣି, ପି-ଦାମ୍ପରୁ ସୁର୍ଷ୍ଣି, ଜାଦବ ସୁର୍ଷ୍ଣି, ଯୋଗମାନ୍ୟ ସୁର୍ଷ୍ଣି, ପି-ବିଜ ସୁର୍ଷ୍ଣି, ଗ୍ରା-ନିଜଗାଁ
	ସରଧାପୁର	୫୦୦	ବେସରକାରୀ	ପତିତ	୦.୨୫୦	ଶ୍ରୀଧର ସାହୁ, ପି-ବନ୍ଦି ସାହୁ, ଗ୍ରା-ନିଜଗାଁ
	ସରଧାପୁର	୫୦୩	ବେସରକାରୀ	ଗୋଚର-୨	୦.୨୦୦	ଶ୍ରୀଧର ସାହୁ, ପି-ବନ୍ଦି ସାହୁ, ଗ୍ରା-ନିଜଗାଁ
	ସରଧାପୁର	୫୧୭	ବେସରକାରୀ	ଗୋଚର-୨	୦.୨୫୦	ଶ୍ରୀକିଶୋର ସାହୁ, ପି-କାଳିଆ ସାହୁ, ରତିକ ସାହୁ, ଭରତ ସାହୁ,
	ସରଧାପୁର	୫୦୫	ବେସରକାରୀ	ଗୋଚର-୨	୦.୦୨୦	ପି-ଦେବିଦାସ ସାହୁ, ସରକ୍ରାଣି ସାହୁ, ସ୍ୱା-ଦେବିଦାସ ସାହୁ, ଲକ୍ଷ୍ମିତା
	ସରଧାପୁର	୫୦୬	ବେସରକାରୀ	ଗୋଚର-୨	୦.୦୨୦	ସାହୁ, ସ୍ୱା-ରଘୁ ସାହୁ, ଗ୍ରା-ନିଜଗାଁ
	ସରଧାପୁର	୫୪୮	ବେସରକାରୀ	ପତିତ	୦.୦୫୦	
	ସରଧାପୁର	୨୫୦୬	ବେସରକାରୀ	ବାରେଜ ଫସଲ-୧	୦.୪୫୦	ସୁଧୀର ସାହୁ, ପି-ଗୋବ୍ରୁ ସାହୁ, ଆନନ୍ଦ ସାହୁ, ପି-ଭାଗ ସାହୁ, ଗ୍ରା-ନିଜଗାଁ
	ସରଧାପୁର	୪୮୪	ବେସରକାରୀ	ଗୋଚର-୧	୦.୦୮୦	ସୁରଜ ସାହୁ, ପି-ଗୋପାଳ ସାହୁ, ଗ୍ରା-ନିଜଗାଁ
	ସରଧାପୁର	୨୬୬୬	ବେସରକାରୀ	ଗୋଚର-୧	୦.୦୫୦	ସୁରଜ ସାହୁ, ପି-ଗୋପାଳ ସାହୁ, ଗ୍ରା-ନିଜଗାଁ
	ସରଧାପୁର	୫୦୦	ବେସରକାରୀ	ଗୋଚର-୨	୦.୫୦୦	ସୁରେଶ ସାହୁ, ପି-ନିତ୍ୟାନନ୍ଦ ସାହୁ, ଗ୍ରା-ନିଜଗାଁ
	ସରଧାପୁର	୫୦୦	ବେସରକାରୀ	ଗୋଚର-୨	୦.୦୫୦	ସୁରେଶ ସାହୁ, ପି-ନିତ୍ୟାନନ୍ଦ ସାହୁ, ଗ୍ରା-ନିଜଗାଁ
	ସରଧାପୁର	୫୦୦	ବେସରକାରୀ	ଗୋଚର-୨	୦.୨୮୦	ସୁରେଶ ସାହୁ, ପି-ନିତ୍ୟାନନ୍ଦ ସାହୁ, ଗ୍ରା-ନିଜଗାଁ
	ସରଧାପୁର	୫୦୨	ବେସରକାରୀ	ଗୋଚର-୨	୦.୧୫୦	ସୁରେଶ ସାହୁ, ପି-ନିତ୍ୟାନନ୍ଦ ସାହୁ, ଗ୍ରା-ନିଜଗାଁ
	ସରଧାପୁର	୫୦୫	ବେସରକାରୀ	ଗୋଚର-୨	୦.୨୫୦	ସୁରେଶ ସାହୁ, ପି-ନିତ୍ୟାନନ୍ଦ ସାହୁ, ଗ୍ରା-ନିଜଗାଁ
	ସରଧାପୁର	୫୦୬	ବେସରକାରୀ	ଗୋଚର-୨	୦.୧୦୦	ସୋମନାଥ ସାହୁ, ପି-ବିନ୍ଦୁ ସାହୁ, ଗ୍ରା-ନିଜଗାଁ
	ସରଧାପୁର	୫୫୩	ବେସରକାରୀ	ଗୋଚର-୨	୦.୦୫୦	ହୃଦାନନ୍ଦ ସାହୁ, ଶ୍ରିଯୋଗବିନୋଦ ସାହୁ, ଯୋଗନାଥ ସାହୁ, ପି-ଦୃଗ୍ଧି ସାହୁ, ଗ୍ରା-ନିଜଗାଁ
	ସରଧାପୁର	୫୫୦	ବେସରକାରୀ	ବାରେଜ ଫସଲ-୧	୦.୧୫୦	ଅଶ୍ୱିନୀଧର ସାହୁ, ପି-ଶ୍ୟାମଧର ସାହୁ, ଗ୍ରା-ସରଧାପୁର
	ସରଧାପୁର	୫୫୫	ବେସରକାରୀ	ଗୋଚର-୨	୦.୨୮୦	ପ୍ରଫୁଲ୍ଲ କୁମାର ସାହୁ, ବଂଶୀଧର ସାହୁ, ସୁଦାମ ସାହୁ, ପି-ବିତ
	ସରଧାପୁର	୫୫୫	ବେସରକାରୀ	ଗୋଚର-୨	୦.୧୫୦	ସାହୁ, ଗ୍ରା-ନିଜଗାଁ
	ସରଧାପୁର	୨୬୭୮/୫୮୧୫	ବେସରକାରୀ	ବାରେଜ ଫସଲ-୧	୦.୨୫୦	ଜମାର ସାହୁ, ପି-ଦେବିନାଥ ସାହୁ, ଗ୍ରା-ନିଜଗାଁ
	ସରଧାପୁର	୫୨୮	ବେସରକାରୀ	ବାରେଜ ଫସଲ-୧	୦.୦୫୦	ଗୋପେନ୍ଦ୍ର ବିହାରୀ ସାହୁ, ପଣ୍ଡିତା ସାହୁ, ପି-ଶ୍ୟାମଧର ସାହୁ, ଗ୍ରା-ନିଜଗାଁ
	ସରଧାପୁର	୫୦୫	ବେସରକାରୀ	ଗୋଚର-୨	୦.୦୫୦	ମନମୋହନ ସାହୁ, ପି-ସୁରେଶ ସାହୁ, ଗ୍ରା-ନିଜଗାଁ
	ସରଧାପୁର	୨୬୨୮	ବେସରକାରୀ	ଗୋଚର	୦.୦୫୦	ଅଶ୍ୱିନୀଧର ସାହୁ, ପି-କବାସ ସାହୁ, ଗ୍ରା-ସରଧାପୁର
	ସରଧାପୁର	୨୬୫୫	ବେସରକାରୀ	ବାରେଜ ଫସଲ-୧	୦.୦୫୦	ଜାଦୁ ଚରଣ ସାହୁ, ପି-ଦାଉରା ସାହୁ, ଗ୍ରା-ଦୁରୁଣା
	ସରଧାପୁର	୨୬୬୧	ବେସରକାରୀ	ବାରେଜ ଫସଲ-୧	୦.୦୫୦	ଜାଦୁ ଚରଣ ସାହୁ, ପି-ଦାଉରା ସାହୁ, ଗ୍ରା-ଦୁରୁଣା
	ସରଧାପୁର	୨୬୭୮/୫୮୯୯	ବେସରକାରୀ	ଗୋଚର	୦.୧୦୦	ରେଖାଚଳ ସାହୁ, ପି-ଭାଗୀରଥି ସାହୁ, ଗ୍ରା-ବେତରାଖଡ଼
	ସରଧାପୁର	୨୬୭୮/୫୧୧୩	ବେସରକାରୀ	ଗୋଚର	୦.୦୫୦	ନିରାକାର ମାଳାଜିକ, ପି-ଗୋବିନ୍ଦ ଚନ୍ଦ୍ର ମାଳାଜିକ, ଗ୍ରା-ରସାପଦା, ଜିଲ୍ଲା-ଢେଙ୍କାନାଳ
	ସରଧାପୁର	୫୫୫	ବେସରକାରୀ	ଗୋଚର-୨	୦.୫୦୦	ଦେବିଦାସ ସାହୁ, ପି-ବିଶ୍ୱନାଥି ସାହୁ, ଗ୍ରା-ନିଜଗାଁ
	ସରଧାପୁର	୨୬୭୮/୫୬୩୦	ବେସରକାରୀ	ବାରେଜ ଫସଲ-୧	୦.୦୫୦	ମଙ୍ଗଳାରୁ ସାହୁ, ପି-ସୁରେନ୍ଦ୍ର ସାହୁ, ଗ୍ରା-ନିଜଗାଁ
	ସରଧାପୁର	୨୬୫୮/୫୬୦୨	ବେସରକାରୀ	ବାରେଜ ଫସଲ-୧	୦.୦୫୦	ଉଜୁ ସାହୁ, ପି-ପୁରୁଷୋତ୍ତମ ସୁର୍ଷ୍ଣି, ଗ୍ରା-ନିଜଗାଁ
	ସରଧାପୁର	୫୬୩	ସରକାରୀ	ପତିତ	୦.୪୮୦	ଅନାବାଦୀଯୋଗ୍ୟ ଅନାବାଦୀ
	ସରଧାପୁର	୫୭୫	ସରକାରୀ	ପତିତ	୦.୨୦୦	ଅନାବାଦୀଯୋଗ୍ୟ ଅନାବାଦୀ
	ସରଧାପୁର	୫୭୭	ସରକାରୀ	ନାଳ	୦.୧୫୦	ଅନାବାଦୀଯୋଗ୍ୟ ଅନାବାଦୀ
	ସରଧାପୁର	୫୭୬	ସରକାରୀ	ନାଳ	୦.୧୫୦	ଅନାବାଦୀଯୋଗ୍ୟ ଅନାବାଦୀ
	ସରଧାପୁର	୨୬୯୦	ସରକାରୀ	ନଦୀ	୦.୫୦୦	ଅନାବାଦୀଯୋଗ୍ୟ ଅନାବାଦୀ
	ସରଧାପୁର	୨୫୬୨	ସରକାରୀ	ଗୋଚର	୦.୫୦୦	ରକ୍ଷିତ
	ସରଧାପୁର	୨୫୬୪	ସରକାରୀ	ନଦୀପାଖଡି	୦.୫୧୦	ରକ୍ଷିତ
	ସରଧାପୁର	୨୫୬୬	ସରକାରୀ	ରାସ୍ତା	୦.୫୮୦	ରକ୍ଷିତ
	ସରଧାପୁର	୨୫୬୮	ସରକାରୀ	ନଦୀପାଖଡି	୦.୨୫୦	ରକ୍ଷିତ
	ସରଧାପୁର	୨୫୬୦	ସରକାରୀ	ଗୋଚର	୦.୫୮୦	ରକ୍ଷିତ
	ସରଧାପୁର	୨୫୬୫	ସରକାରୀ	ଗୋଚର	୦.୨୨୦	ରକ୍ଷିତ
	ସରଧାପୁର	୨୫୦୧	ସରକାରୀ	ଗୋଚର	୦.୨୫୦	ରକ୍ଷିତ
	ସରଧାପୁର	୨୫୦୨	ସରକାରୀ	ଗୋଚର	୦.୦୫୦	ରକ୍ଷିତ
	ସରଧାପୁର	୨୫୦୫	ସରକାରୀ	ଗୋଚର	୦.୦୫୦	ରକ୍ଷିତ
	ସରଧାପୁର	୨୫୦୬	ସରକାରୀ	ଗୋଚର	୦.୦୫୦	ରକ୍ଷିତ
	ସରଧାପୁର	୨୫୦୭	ସରକାରୀ	ଗୋଚର	୦.୦୫୦	ରକ୍ଷିତ
	ସରଧାପୁର	୨୫୦୮	ସରକାରୀ	ଗୋଚର	୦.୦୫୦	ରକ୍ଷିତ
	ସରଧାପୁର	୨୫୧୦	ସରକାରୀ	ଗୋଚର	୦.୦୫୦	ରକ୍ଷିତ
	ସରଧାପୁର	୨୫୧୪	ସରକାରୀ	ଗୋଚର	୦.୦୩୦	ରକ୍ଷିତ
	ସରଧାପୁର	୨୫୧୬	ସରକାରୀ	ଗୋଚର	୦.୦୫୦	ରକ୍ଷିତ
	ସରଧାପୁର	୨୫୨୨	ସରକାରୀ	ଗୋଚର	୦.୧୦୦	ରକ୍ଷିତ
	ସରଧାପୁର	୨୫୨୫	ସରକାରୀ	ଗୋଚର	୦.୧୫୦	ରକ୍ଷିତ
	ସରଧାପୁର	୨୫୨୮	ସରକାରୀ	ଗୋଚର	୦.୦୫୦	ରକ୍ଷିତ
	ସରଧାପୁର	୨୫୩୦	ସରକାରୀ	ଗୋଚର	୦.୧୫୦	ରକ୍ଷିତ
	ସରଧାପୁର	୨୫୩୨	ସରକାରୀ	ଗୋଚର	୦.୦୫୦	ରକ୍ଷିତ
	ସରଧାପୁର	୨୫୩୫	ସରକାରୀ	ନଦୀପାଖଡି	୦.୨୮୦	ରକ୍ଷିତ
	ସରଧାପୁର	୨୫୪୦	ସରକାରୀ	ନଦୀପାଖଡି	୦.୨୫୦	ରକ୍ଷିତ
	ସରଧାପୁର	୨୫୫୦	ସରକାରୀ	ନଦୀପାଖଡି	୦.୦୫୦	ରକ୍ଷିତ
	ସରଧାପୁର	୨୫୫୫	ସରକାରୀ	ରାସ୍ତା	୦.୦୫୦	ରକ୍ଷିତ
	ସରଧାପୁର	୨୮୦୮	ସରକାରୀ	ନଦୀପାଖଡି	୦.୦୫୦	ରକ୍ଷିତ
	ସରଧାପୁର	୨୮୦୯	ସରକାରୀ	ନଦୀପାଖଡି	୦.୦୫୦	ରକ୍ଷିତ
	ସରଧାପୁର	୨୬୭୮/୫୮୧୮	ସରକାରୀ	ଗୋଚର	୦.୦୫୦	ରକ୍ଷିତ
	ସରଧାପୁର	୨୮୩୩	ସରକାରୀ	ଉଦ୍ଭବ ହୋଇଥିବା ଯୋଗ୍ୟ	୦.୨୫୦	ରକ୍ଷିତ
	ସରଧାପୁର	୨୬୭୦/୫୬୦୦	ସରକାରୀ	ଉଦ୍ଭବ ହୋଇଥିବା ଯୋଗ୍ୟ	୦.୫୫୦	ଅନାବାଦୀଯୋଗ୍ୟ ଅନାବାଦୀ
	ସରଧାପୁର	୨୬୭୭/୫୬୬୮	ସରକାରୀ	ଉଦ୍ଭବ ହୋଇଥିବା ଯୋଗ୍ୟ	୦.୨୦୦	ଅନାବାଦୀଯୋଗ୍ୟ ଅନାବାଦୀ
[F. No. NHAI/11013/PIU/Sambalpur/Odisha/NH-42/Notification/3D]
Maya Prakash, Dy.Secretary
